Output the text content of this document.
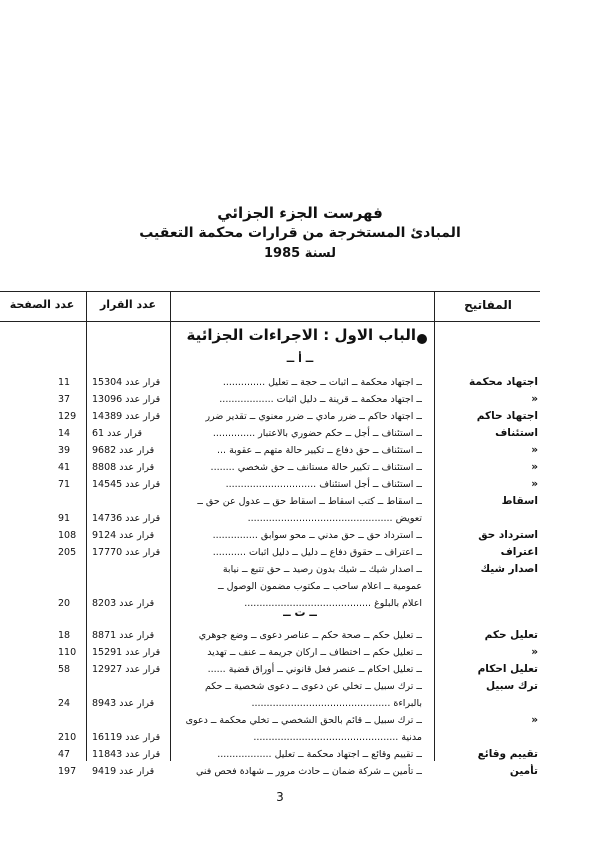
فهرست الجزء الجزائي
المبادئ المستخرجة من قرارات محكمة التعقيب
لسنة 1985
عدد الصفحة	عدد القرار	المفاتيح
الباب الاول : الاجراءات الجزائية
ــ أ ــ
ــ ت ــ
اجتهاد محكمة
ــ اجتهاد محكمة ــ اثبات ــ حجة ــ تعليل ..............
قرار عدد 15304
11
«
ــ اجتهاد محكمة ــ قرينة ــ دليل اثبات ..................
قرار عدد 13096
37
اجتهاد حاكم
ــ اجتهاد حاكم ــ ضرر مادي ــ ضرر معنوي ــ تقدير ضرر
قرار عدد 14389
129
استئناف
ــ استئناف ــ أجل ــ حكم حضوري بالاعتبار ..............
قرار عدد 61
14
«
ــ استئناف ــ حق دفاع ــ تكيير حالة متهم ــ عقوبة ...
قرار عدد 9682
39
«
ــ استئناف ــ تكيير حالة مستانف ــ حق شخصي ........
قرار عدد 8808
41
«
ــ استئناف ــ أجل استئناف ..............................
قرار عدد 14545
71
اسقاط
ــ اسقاط ــ كتب اسقاط ــ اسقاط حق ــ عدول عن حق ــ
تعويض ................................................
قرار عدد 14736
91
استرداد حق
ــ استرداد حق ــ حق مدني ــ محو سوابق ...............
قرار عدد 9124
108
اعتراف
ــ اعتراف ــ حقوق دفاع ــ دليل ــ دليل اثبات ...........
قرار عدد 17770
205
اصدار شيك
ــ اصدار شيك ــ شيك بدون رصيد ــ حق تتبع ــ نيابة
عمومية ــ اعلام ساحب ــ مكتوب مضمون الوصول ــ
اعلام بالبلوغ ..........................................
قرار عدد 8203
20
تعليل حكم
ــ تعليل حكم ــ صحة حكم ــ عناصر دعوى ــ وضع جوهري
قرار عدد 8871
18
«
ــ تعليل حكم ــ اختطاف ــ اركان جريمة ــ عنف ــ تهديد
قرار عدد 15291
110
تعليل احكام
ــ تعليل احكام ــ عنصر فعل قانوني ــ أوراق قضية ......
قرار عدد 12927
58
ترك سبيل
ــ ترك سبيل ــ تخلي عن دعوى ــ دعوى شخصية ــ حكم
بالبراءة ..............................................
قرار عدد 8943
24
«
ــ ترك سبيل ــ قائم بالحق الشخصي ــ تخلي محكمة ــ دعوى
مدنية ................................................
قرار عدد 16119
210
تقييم وقائع
ــ تقييم وقائع ــ اجتهاد محكمة ــ تعليل ..................
قرار عدد 11843
47
تأمين
ــ تأمين ــ شركة ضمان ــ حادث مرور ــ شهادة فحص فني
قرار عدد 9419
197
3
